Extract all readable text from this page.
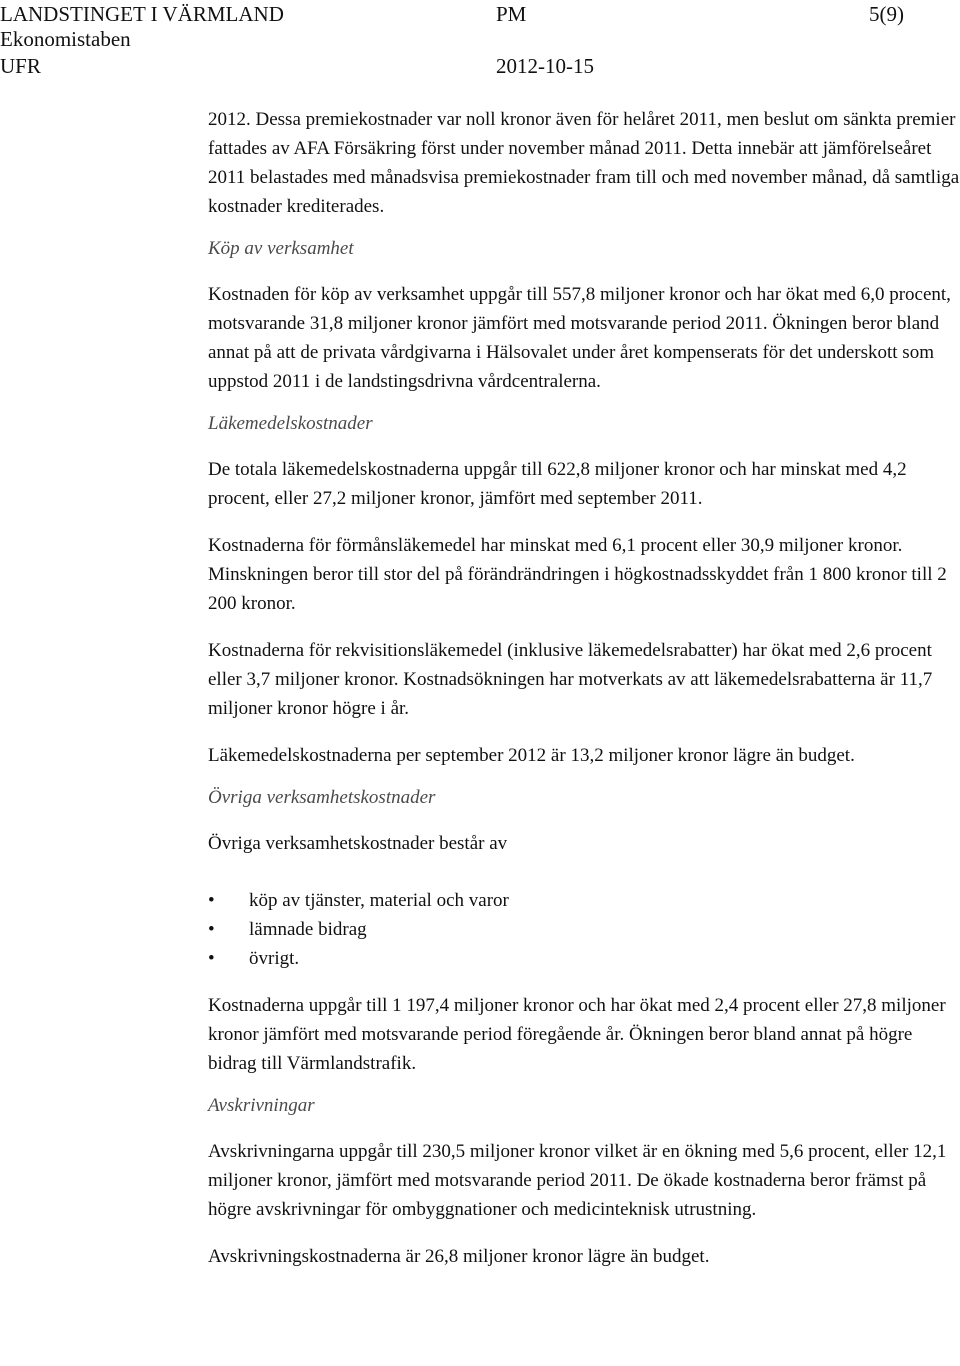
LANDSTINGET I VÄRMLAND	PM	5(9)
Ekonomistaben
UFR	2012-10-15

2012. Dessa premiekostnader var noll kronor även för helåret 2011, men beslut om sänkta premier fattades av AFA Försäkring först under november månad 2011. Detta innebär att jämförelseåret 2011 belastades med månadsvisa premiekostnader fram till och med november månad, då samtliga kostnader krediterades.

Köp av verksamhet

Kostnaden för köp av verksamhet uppgår till 557,8 miljoner kronor och har ökat med 6,0 procent, motsvarande 31,8 miljoner kronor jämfört med motsvarande period 2011. Ökningen beror bland annat på att de privata vårdgivarna i Hälsovalet under året kompenserats för det underskott som uppstod 2011 i de landstingsdrivna vårdcentralerna.

Läkemedelskostnader

De totala läkemedelskostnaderna uppgår till 622,8 miljoner kronor och har minskat med 4,2 procent, eller 27,2 miljoner kronor, jämfört med september 2011.

Kostnaderna för förmånsläkemedel har minskat med 6,1 procent eller 30,9 miljoner kronor. Minskningen beror till stor del på förändrändringen i högkostnadsskyddet från 1 800 kronor till 2 200 kronor.

Kostnaderna för rekvisitionsläkemedel (inklusive läkemedelsrabatter) har ökat med 2,6 procent eller 3,7 miljoner kronor. Kostnadsökningen har motverkats av att läkemedelsrabatterna är 11,7 miljoner kronor högre i år.

Läkemedelskostnaderna per september 2012 är 13,2 miljoner kronor lägre än budget.

Övriga verksamhetskostnader

Övriga verksamhetskostnader består av

• köp av tjänster, material och varor
• lämnade bidrag
• övrigt.

Kostnaderna uppgår till 1 197,4 miljoner kronor och har ökat med 2,4 procent eller 27,8 miljoner kronor jämfört med motsvarande period föregående år. Ökningen beror bland annat på högre bidrag till Värmlandstrafik.

Avskrivningar

Avskrivningarna uppgår till 230,5 miljoner kronor vilket är en ökning med 5,6 procent, eller 12,1 miljoner kronor, jämfört med motsvarande period 2011. De ökade kostnaderna beror främst på högre avskrivningar för ombyggnationer och medicinteknisk utrustning.

Avskrivningskostnaderna är 26,8 miljoner kronor lägre än budget.
